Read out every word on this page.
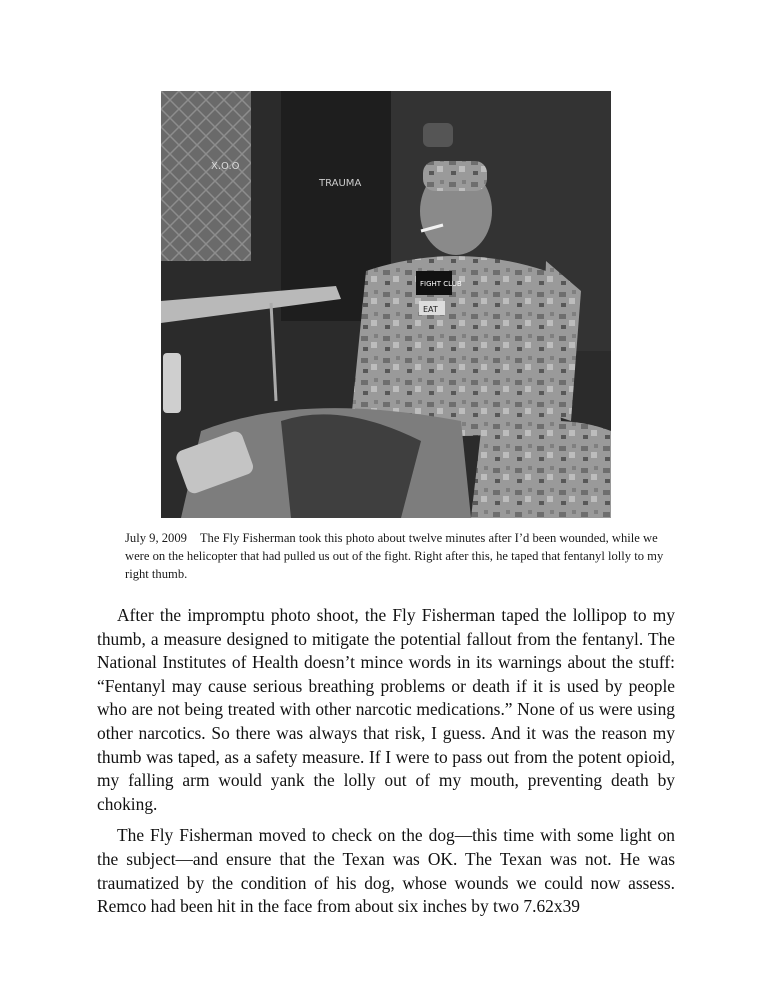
X.O.O
TRAUMA
FIGHT CLUB
EAT
July 9, 2009 The Fly Fisherman took this photo about twelve minutes after I’d been wounded, while we were on the helicopter that had pulled us out of the fight. Right after this, he taped that fentanyl lolly to my right thumb.

After the impromptu photo shoot, the Fly Fisherman taped the lollipop to my thumb, a measure designed to mitigate the potential fallout from the fentanyl. The National Institutes of Health doesn’t mince words in its warnings about the stuff: “Fentanyl may cause serious breathing problems or death if it is used by people who are not being treated with other narcotic medications.” None of us were using other narcotics. So there was always that risk, I guess. And it was the reason my thumb was taped, as a safety measure. If I were to pass out from the potent opioid, my falling arm would yank the lolly out of my mouth, preventing death by choking.

The Fly Fisherman moved to check on the dog—this time with some light on the subject—and ensure that the Texan was OK. The Texan was not. He was traumatized by the condition of his dog, whose wounds we could now assess. Remco had been hit in the face from about six inches by two 7.62x39
